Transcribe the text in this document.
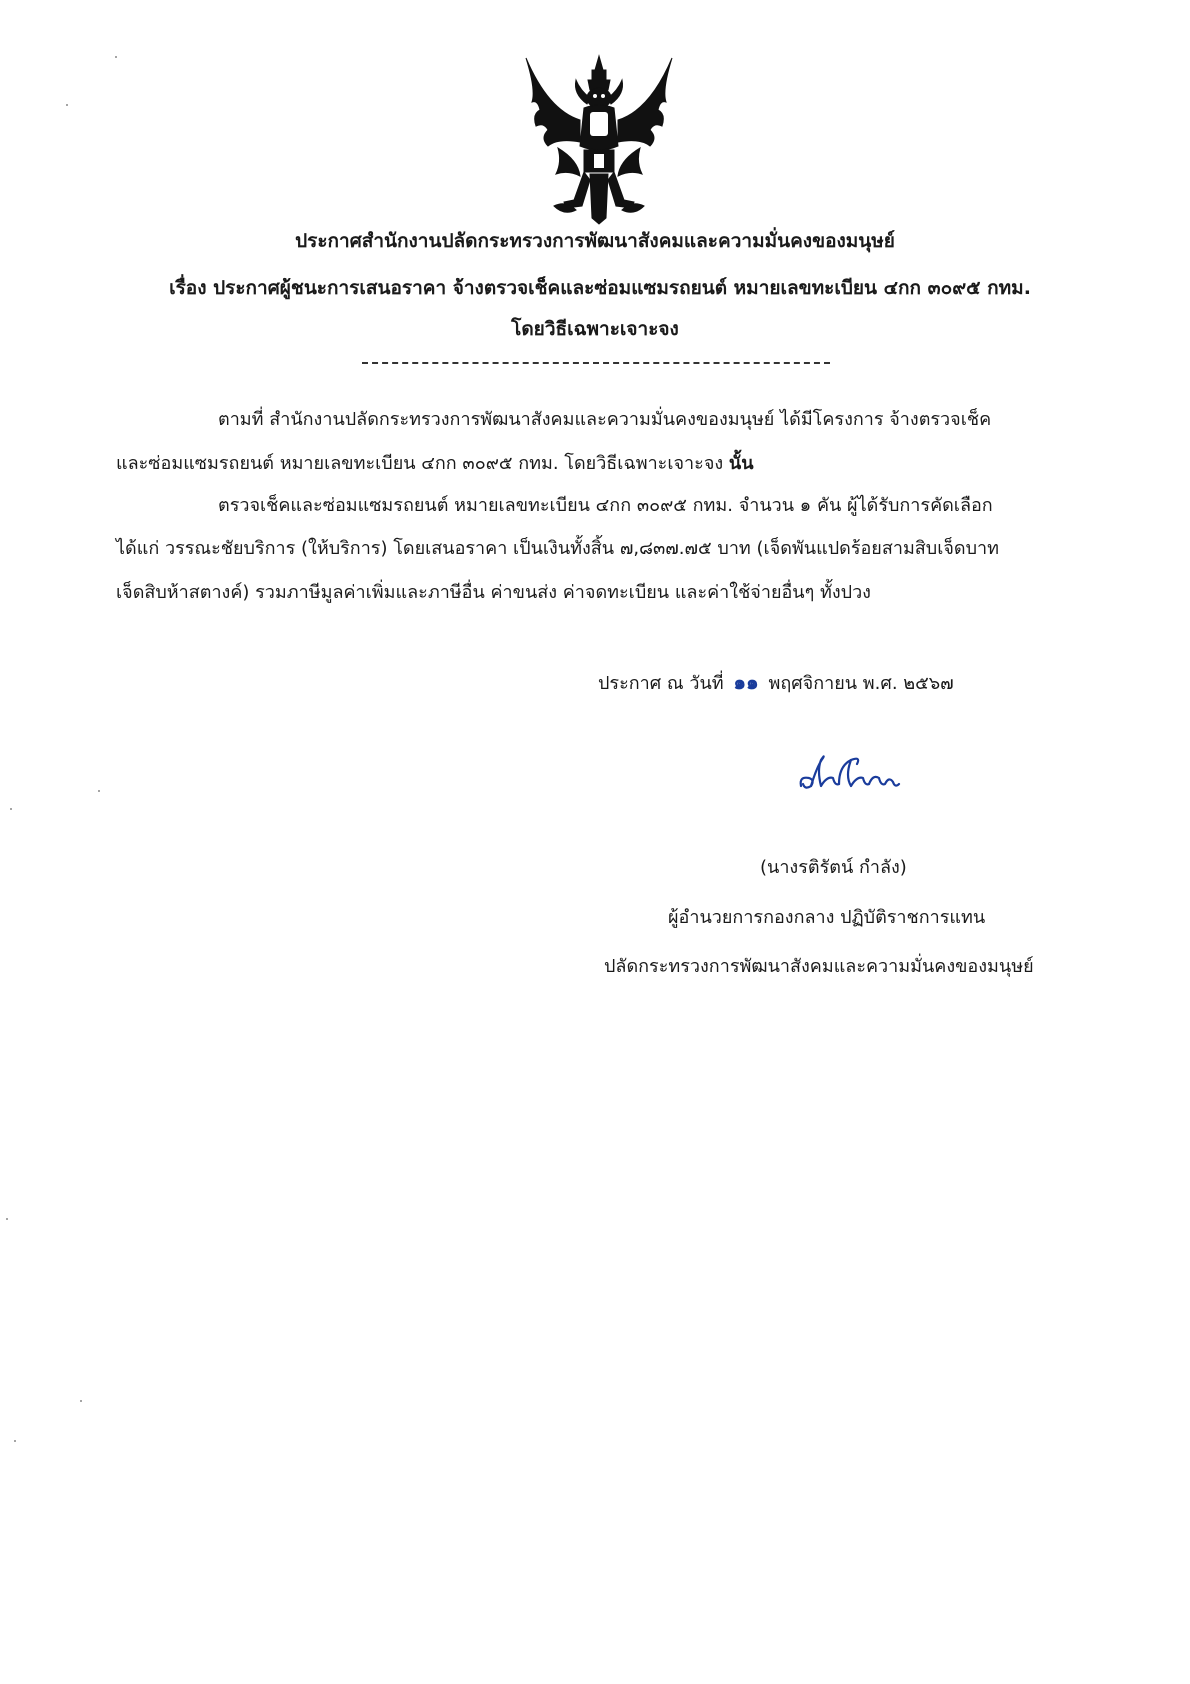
ประกาศสำนักงานปลัดกระทรวงการพัฒนาสังคมและความมั่นคงของมนุษย์
เรื่อง ประกาศผู้ชนะการเสนอราคา จ้างตรวจเช็คและซ่อมแซมรถยนต์ หมายเลขทะเบียน ๔กก ๓๐๙๕ กทม.
โดยวิธีเฉพาะเจาะจง
ตามที่ สำนักงานปลัดกระทรวงการพัฒนาสังคมและความมั่นคงของมนุษย์ ได้มีโครงการ จ้างตรวจเช็ค
และซ่อมแซมรถยนต์ หมายเลขทะเบียน ๔กก ๓๐๙๕ กทม. โดยวิธีเฉพาะเจาะจง นั้น
ตรวจเช็คและซ่อมแซมรถยนต์ หมายเลขทะเบียน ๔กก ๓๐๙๕ กทม. จำนวน ๑ คัน ผู้ได้รับการคัดเลือก
ได้แก่ วรรณะชัยบริการ (ให้บริการ) โดยเสนอราคา เป็นเงินทั้งสิ้น ๗,๘๓๗.๗๕ บาท (เจ็ดพันแปดร้อยสามสิบเจ็ดบาท
เจ็ดสิบห้าสตางค์) รวมภาษีมูลค่าเพิ่มและภาษีอื่น ค่าขนส่ง ค่าจดทะเบียน และค่าใช้จ่ายอื่นๆ ทั้งปวง
ประกาศ ณ วันที่ ๑๑ พฤศจิกายน พ.ศ. ๒๕๖๗
(นางรติรัตน์ กำลัง)
ผู้อำนวยการกองกลาง ปฏิบัติราชการแทน
ปลัดกระทรวงการพัฒนาสังคมและความมั่นคงของมนุษย์
